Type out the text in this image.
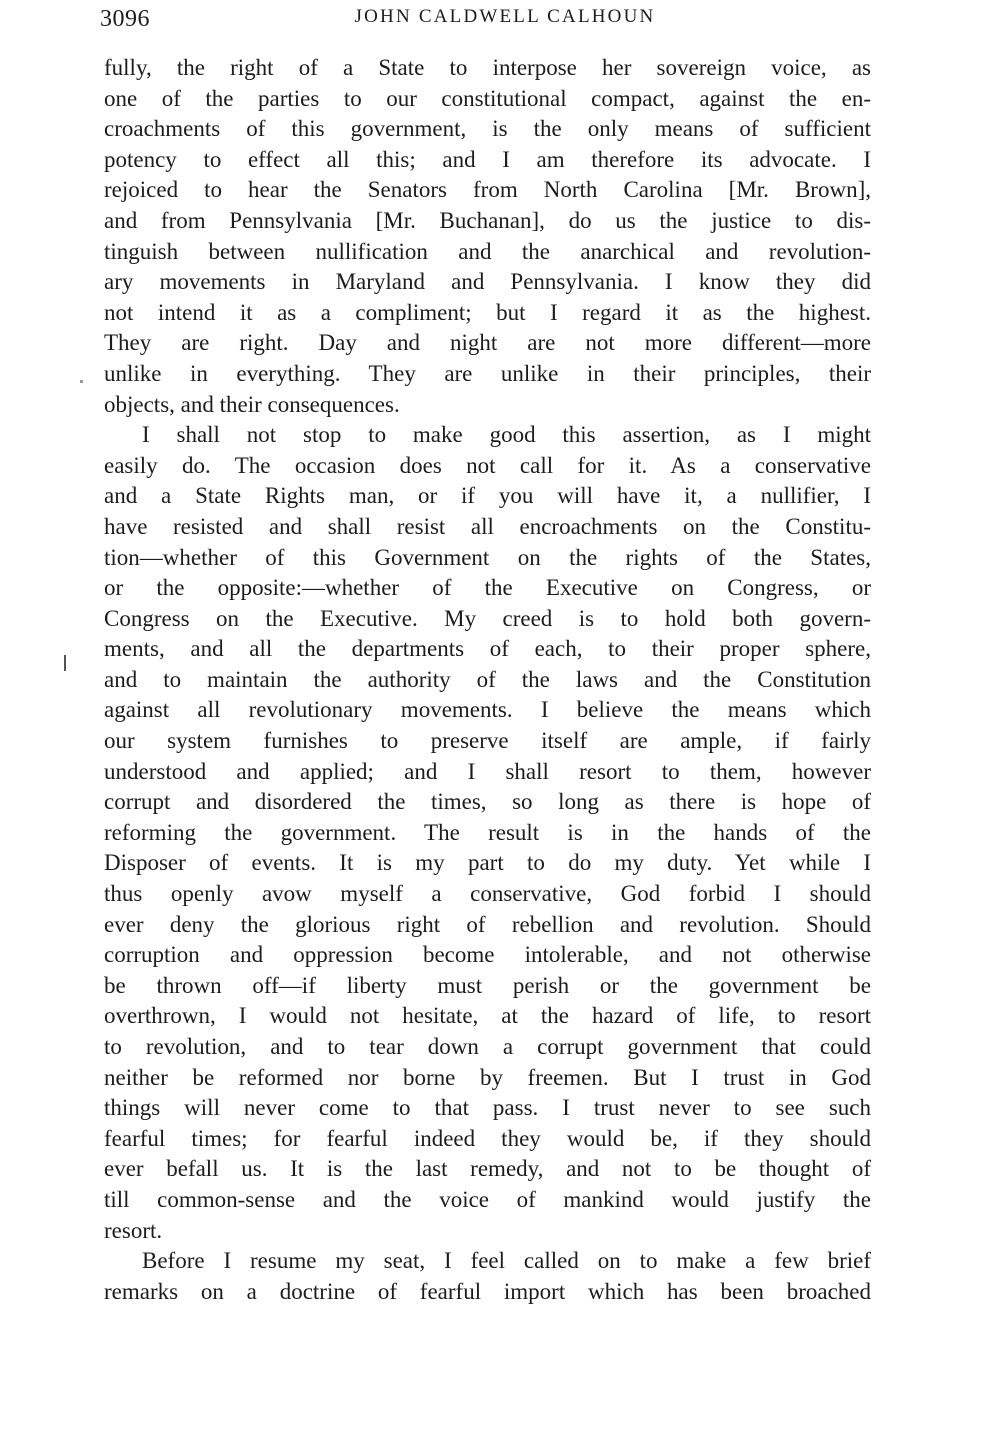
3096	JOHN CALDWELL CALHOUN
fully, the right of a State to interpose her sovereign voice, as
one of the parties to our constitutional compact, against the en-
croachments of this government, is the only means of sufficient
potency to effect all this; and I am therefore its advocate. I
rejoiced to hear the Senators from North Carolina [Mr. Brown],
and from Pennsylvania [Mr. Buchanan], do us the justice to dis-
tinguish between nullification and the anarchical and revolution-
ary movements in Maryland and Pennsylvania. I know they did
not intend it as a compliment; but I regard it as the highest.
They are right. Day and night are not more different—more
unlike in everything. They are unlike in their principles, their
objects, and their consequences.
I shall not stop to make good this assertion, as I might
easily do. The occasion does not call for it. As a conservative
and a State Rights man, or if you will have it, a nullifier, I
have resisted and shall resist all encroachments on the Constitu-
tion—whether of this Government on the rights of the States,
or the opposite:—whether of the Executive on Congress, or
Congress on the Executive. My creed is to hold both govern-
ments, and all the departments of each, to their proper sphere,
and to maintain the authority of the laws and the Constitution
against all revolutionary movements. I believe the means which
our system furnishes to preserve itself are ample, if fairly
understood and applied; and I shall resort to them, however
corrupt and disordered the times, so long as there is hope of
reforming the government. The result is in the hands of the
Disposer of events. It is my part to do my duty. Yet while I
thus openly avow myself a conservative, God forbid I should
ever deny the glorious right of rebellion and revolution. Should
corruption and oppression become intolerable, and not otherwise
be thrown off—if liberty must perish or the government be
overthrown, I would not hesitate, at the hazard of life, to resort
to revolution, and to tear down a corrupt government that could
neither be reformed nor borne by freemen. But I trust in God
things will never come to that pass. I trust never to see such
fearful times; for fearful indeed they would be, if they should
ever befall us. It is the last remedy, and not to be thought of
till common-sense and the voice of mankind would justify the
resort.
Before I resume my seat, I feel called on to make a few brief
remarks on a doctrine of fearful import which has been broached
